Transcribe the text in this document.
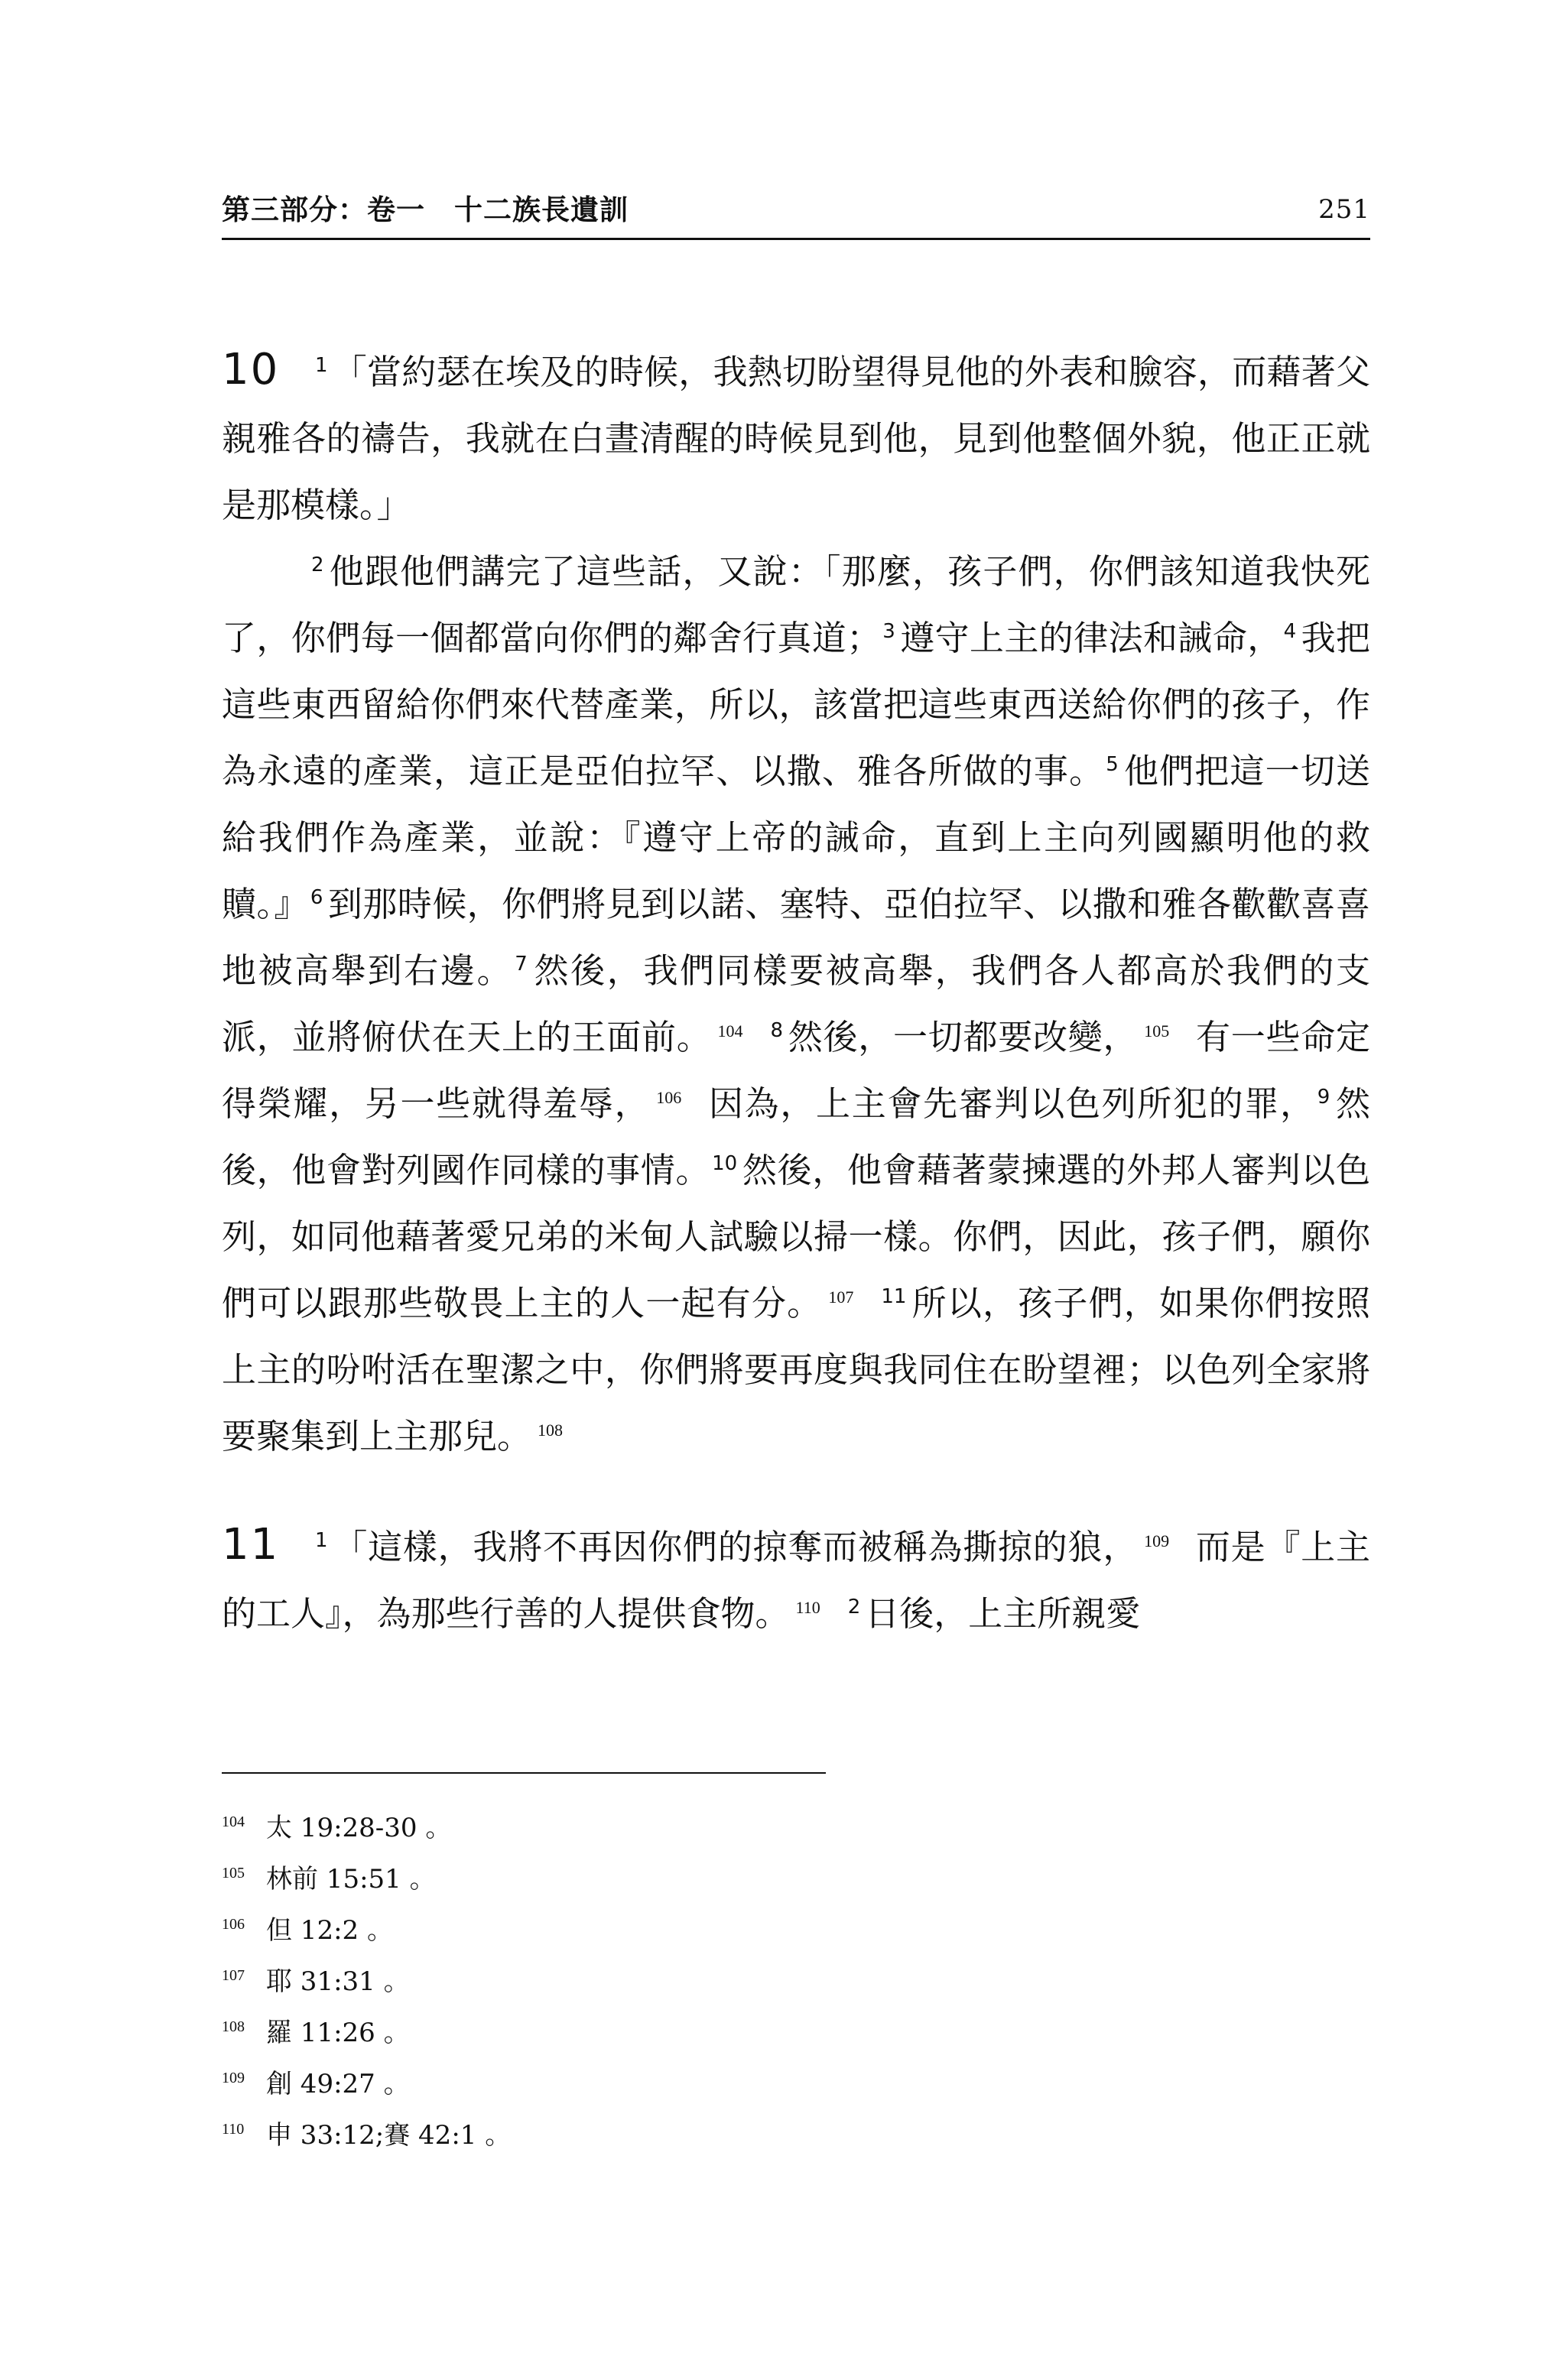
第三部分：卷一　十二族長遺訓	251

10 $^1$ 「當約瑟在埃及的時候，我熱切盼望得見他的外表和臉容，而藉著父親雅各的禱告，我就在白晝清醒的時候見到他，見到他整個外貌，他正正就是那模樣。」

$^2$ 他跟他們講完了這些話，又說：「那麼，孩子們，你們該知道我快死了，你們每一個都當向你們的鄰舍行真道；$^3$ 遵守上主的律法和誡命，$^4$ 我把這些東西留給你們來代替產業，所以，該當把這些東西送給你們的孩子，作為永遠的產業，這正是亞伯拉罕、以撒、雅各所做的事。$^5$ 他們把這一切送給我們作為產業，並說：『遵守上帝的誡命，直到上主向列國顯明他的救贖。』$^6$ 到那時候，你們將見到以諾、塞特、亞伯拉罕、以撒和雅各歡歡喜喜地被高舉到右邊。$^7$ 然後，我們同樣要被高舉，我們各人都高於我們的支派，並將俯伏在天上的王面前。 $^{104}$ $^8$ 然後，一切都要改變， $^{105}$ 有一些命定得榮耀，另一些就得羞辱， $^{106}$ 因為，上主會先審判以色列所犯的罪，$^9$ 然後，他會對列國作同樣的事情。$^{10}$ 然後，他會藉著蒙揀選的外邦人審判以色列，如同他藉著愛兄弟的米甸人試驗以掃一樣。你們，因此，孩子們，願你們可以跟那些敬畏上主的人一起有分。 $^{107}$ $^{11}$ 所以，孩子們，如果你們按照上主的吩咐活在聖潔之中，你們將要再度與我同住在盼望裡；以色列全家將要聚集到上主那兒。 $^{108}$

11 $^1$ 「這樣，我將不再因你們的掠奪而被稱為撕掠的狼， $^{109}$ 而是『上主的工人』，為那些行善的人提供食物。 $^{110}$ $^2$ 日後，上主所親愛

104 太 19:28-30 。
105 林前 15:51 。
106 但 12:2 。
107 耶 31:31 。
108 羅 11:26 。
109 創 49:27 。
110 申 33:12;賽 42:1 。
